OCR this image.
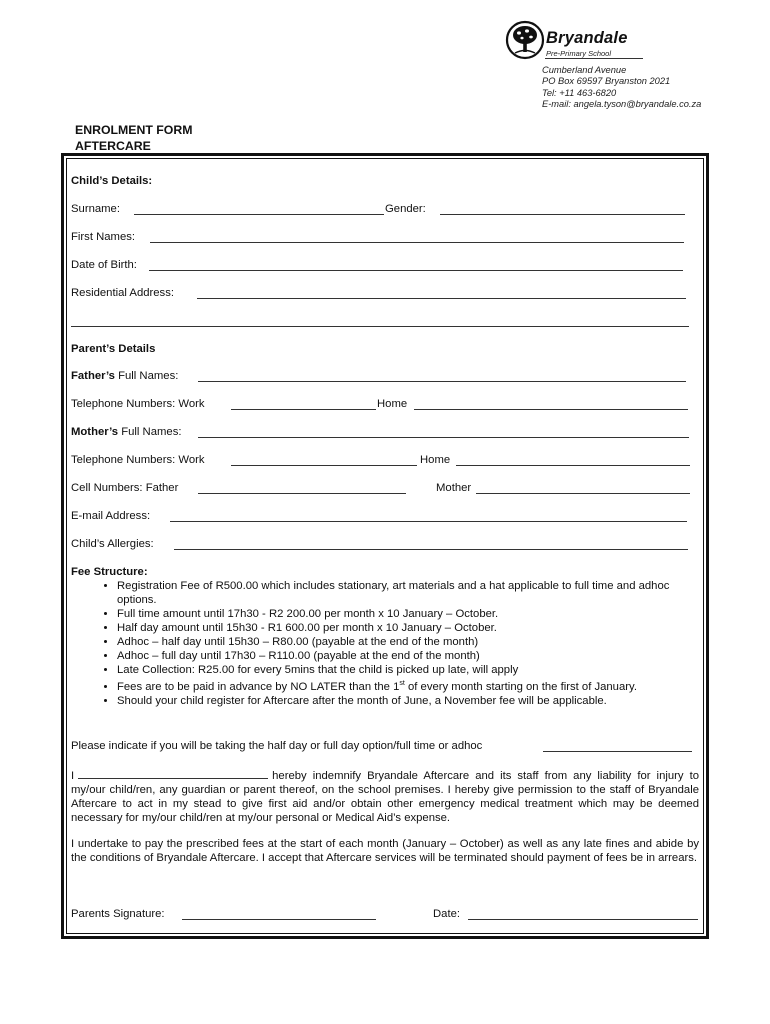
Bryandale
Pre-Primary School
Cumberland Avenue
PO Box 69597 Bryanston 2021
Tel: +11 463-6820
E-mail: angela.tyson@bryandale.co.za
ENROLMENT FORM
AFTERCARE
Child’s Details:
Surname:	Gender:
First Names:
Date of Birth:
Residential Address:
Parent’s Details
Father’s Full Names:
Telephone Numbers: Work	Home
Mother’s Full Names:
Telephone Numbers: Work	Home
Cell Numbers: Father	Mother
E-mail Address:
Child’s Allergies:
Fee Structure:
• Registration Fee of R500.00 which includes stationary, art materials and a hat applicable to full time and adhoc options.
• Full time amount until 17h30 - R2 200.00 per month x 10 January – October.
• Half day amount until 15h30 - R1 600.00 per month x 10 January – October.
• Adhoc – half day until 15h30 – R80.00 (payable at the end of the month)
• Adhoc – full day until 17h30 – R110.00 (payable at the end of the month)
• Late Collection: R25.00 for every 5mins that the child is picked up late, will apply
• Fees are to be paid in advance by NO LATER than the 1st of every month starting on the first of January.
• Should your child register for Aftercare after the month of June, a November fee will be applicable.
Please indicate if you will be taking the half day or full day option/full time or adhoc
I	hereby indemnify Bryandale Aftercare and its staff from any liability for injury to my/our child/ren, any guardian or parent thereof, on the school premises. I hereby give permission to the staff of Bryandale Aftercare to act in my stead to give first aid and/or obtain other emergency medical treatment which may be deemed necessary for my/our child/ren at my/our personal or Medical Aid’s expense.
I undertake to pay the prescribed fees at the start of each month (January – October) as well as any late fines and abide by the conditions of Bryandale Aftercare. I accept that Aftercare services will be terminated should payment of fees be in arrears.
Parents Signature:	Date:
